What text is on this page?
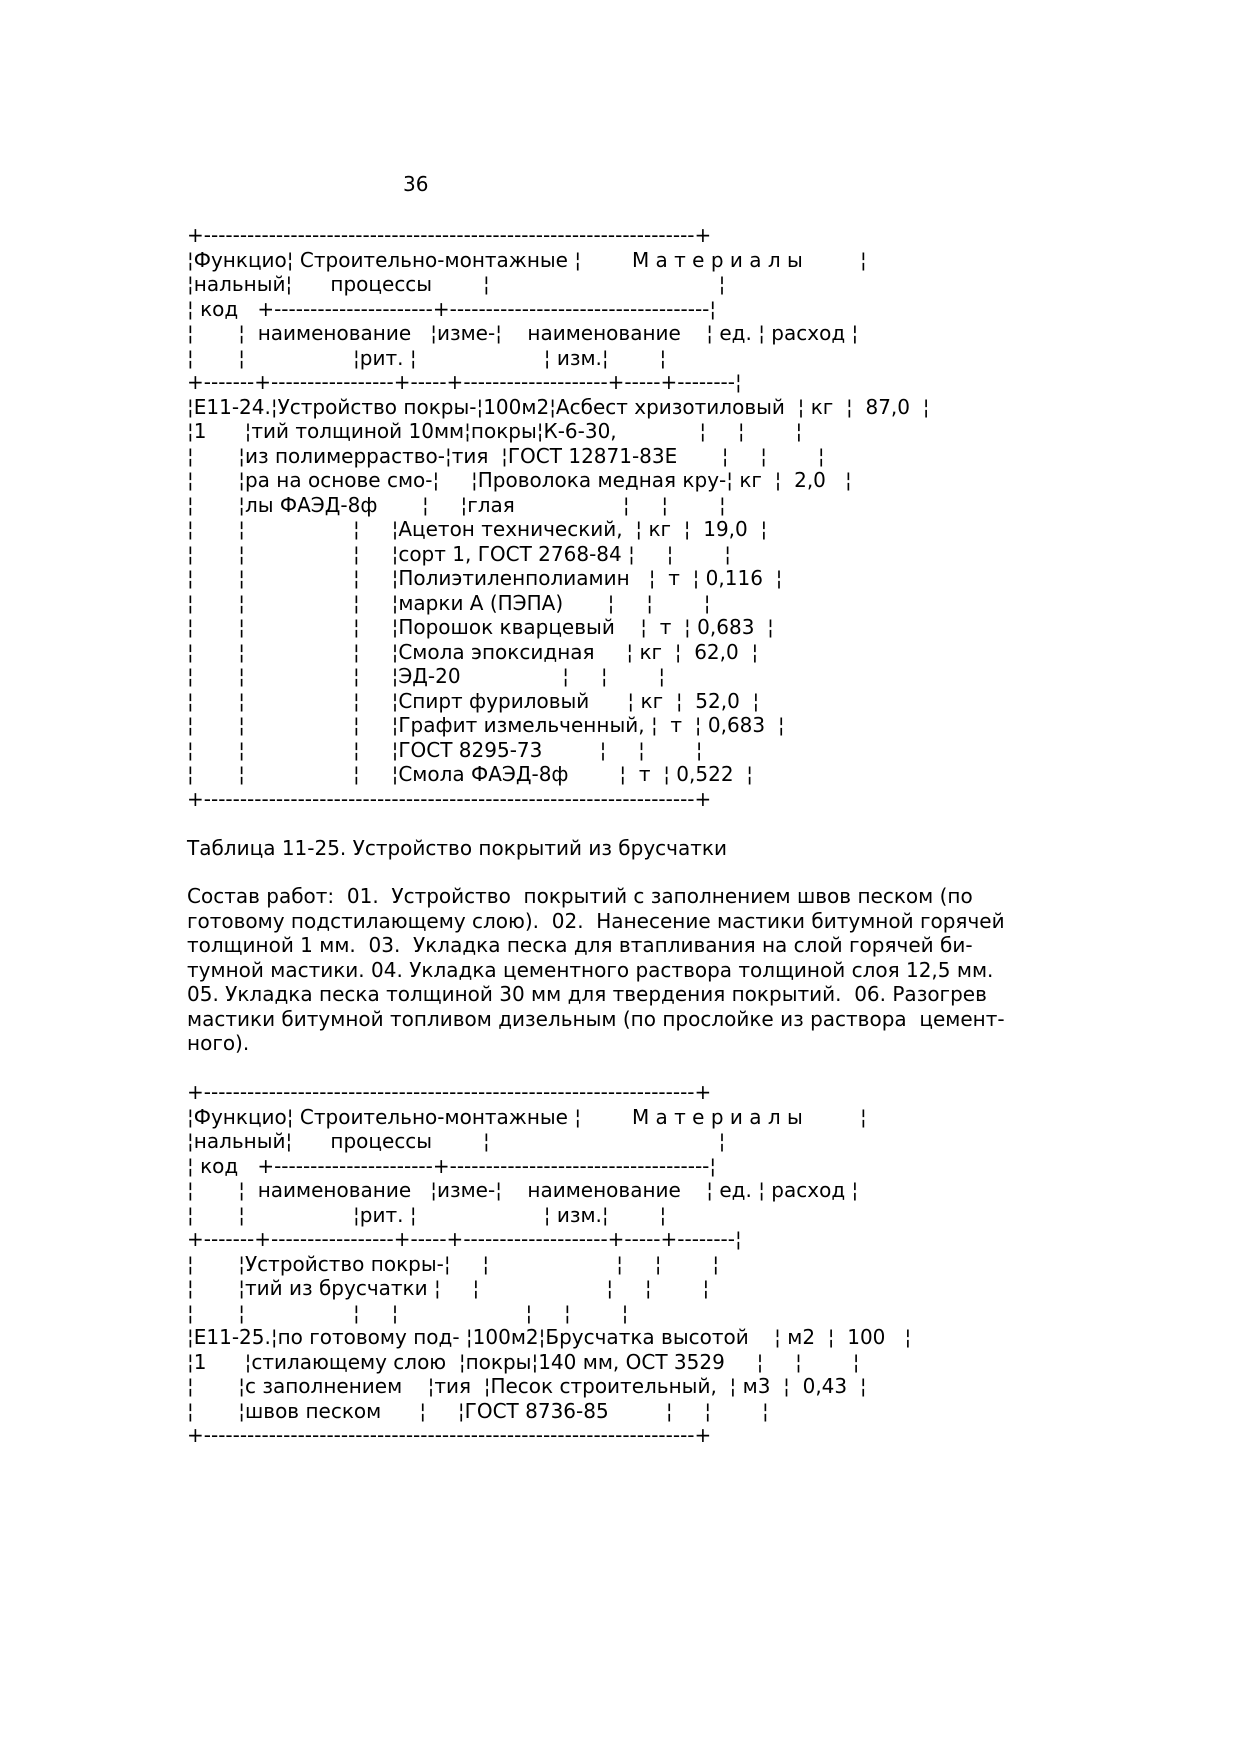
36
+--------------------------------------------------------------------+
¦Функцио¦ Строительно-монтажные ¦        М а т е р и а л ы         ¦
¦нальный¦      процессы        ¦                                    ¦
¦ код   +----------------------+------------------------------------¦
¦       ¦  наименование   ¦изме-¦    наименование    ¦ ед. ¦ расход ¦
¦       ¦                 ¦рит. ¦                    ¦ изм.¦        ¦
+-------+-----------------+-----+--------------------+-----+--------¦
¦Е11-24.¦Устройство покры-¦100м2¦Асбест хризотиловый  ¦ кг  ¦  87,0  ¦
¦1      ¦тий толщиной 10мм¦покры¦К-6-30,             ¦     ¦        ¦
¦       ¦из полимерраство-¦тия  ¦ГОСТ 12871-83Е       ¦     ¦        ¦
¦       ¦ра на основе смо-¦     ¦Проволока медная кру-¦ кг  ¦  2,0   ¦
¦       ¦лы ФАЭД-8ф       ¦     ¦глая                 ¦     ¦        ¦
¦       ¦                 ¦     ¦Ацетон технический,  ¦ кг  ¦  19,0  ¦
¦       ¦                 ¦     ¦сорт 1, ГОСТ 2768-84 ¦     ¦        ¦
¦       ¦                 ¦     ¦Полиэтиленполиамин   ¦  т  ¦ 0,116  ¦
¦       ¦                 ¦     ¦марки А (ПЭПА)       ¦     ¦        ¦
¦       ¦                 ¦     ¦Порошок кварцевый    ¦  т  ¦ 0,683  ¦
¦       ¦                 ¦     ¦Смола эпоксидная     ¦ кг  ¦  62,0  ¦
¦       ¦                 ¦     ¦ЭД-20                ¦     ¦        ¦
¦       ¦                 ¦     ¦Спирт фуриловый      ¦ кг  ¦  52,0  ¦
¦       ¦                 ¦     ¦Графит измельченный, ¦  т  ¦ 0,683  ¦
¦       ¦                 ¦     ¦ГОСТ 8295-73         ¦     ¦        ¦
¦       ¦                 ¦     ¦Смола ФАЭД-8ф        ¦  т  ¦ 0,522  ¦
+--------------------------------------------------------------------+
Таблица 11-25. Устройство покрытий из брусчатки
Состав работ:  01.  Устройство  покрытий с заполнением швов песком (по
готовому подстилающему слою).  02.  Нанесение мастики битумной горячей
толщиной 1 мм.  03.  Укладка песка для втапливания на слой горячей би-
тумной мастики. 04. Укладка цементного раствора толщиной слоя 12,5 мм.
05. Укладка песка толщиной 30 мм для твердения покрытий.  06. Разогрев
мастики битумной топливом дизельным (по прослойке из раствора  цемент-
ного).
+--------------------------------------------------------------------+
¦Функцио¦ Строительно-монтажные ¦        М а т е р и а л ы         ¦
¦нальный¦      процессы        ¦                                    ¦
¦ код   +----------------------+------------------------------------¦
¦       ¦  наименование   ¦изме-¦    наименование    ¦ ед. ¦ расход ¦
¦       ¦                 ¦рит. ¦                    ¦ изм.¦        ¦
+-------+-----------------+-----+--------------------+-----+--------¦
¦       ¦Устройство покры-¦     ¦                    ¦     ¦        ¦
¦       ¦тий из брусчатки ¦     ¦                    ¦     ¦        ¦
¦       ¦                 ¦     ¦                    ¦     ¦        ¦
¦Е11-25.¦по готовому под- ¦100м2¦Брусчатка высотой    ¦ м2  ¦  100   ¦
¦1      ¦стилающему слою  ¦покры¦140 мм, ОСТ 3529     ¦     ¦        ¦
¦       ¦с заполнением    ¦тия  ¦Песок строительный,  ¦ м3  ¦  0,43  ¦
¦       ¦швов песком      ¦     ¦ГОСТ 8736-85         ¦     ¦        ¦
+--------------------------------------------------------------------+
